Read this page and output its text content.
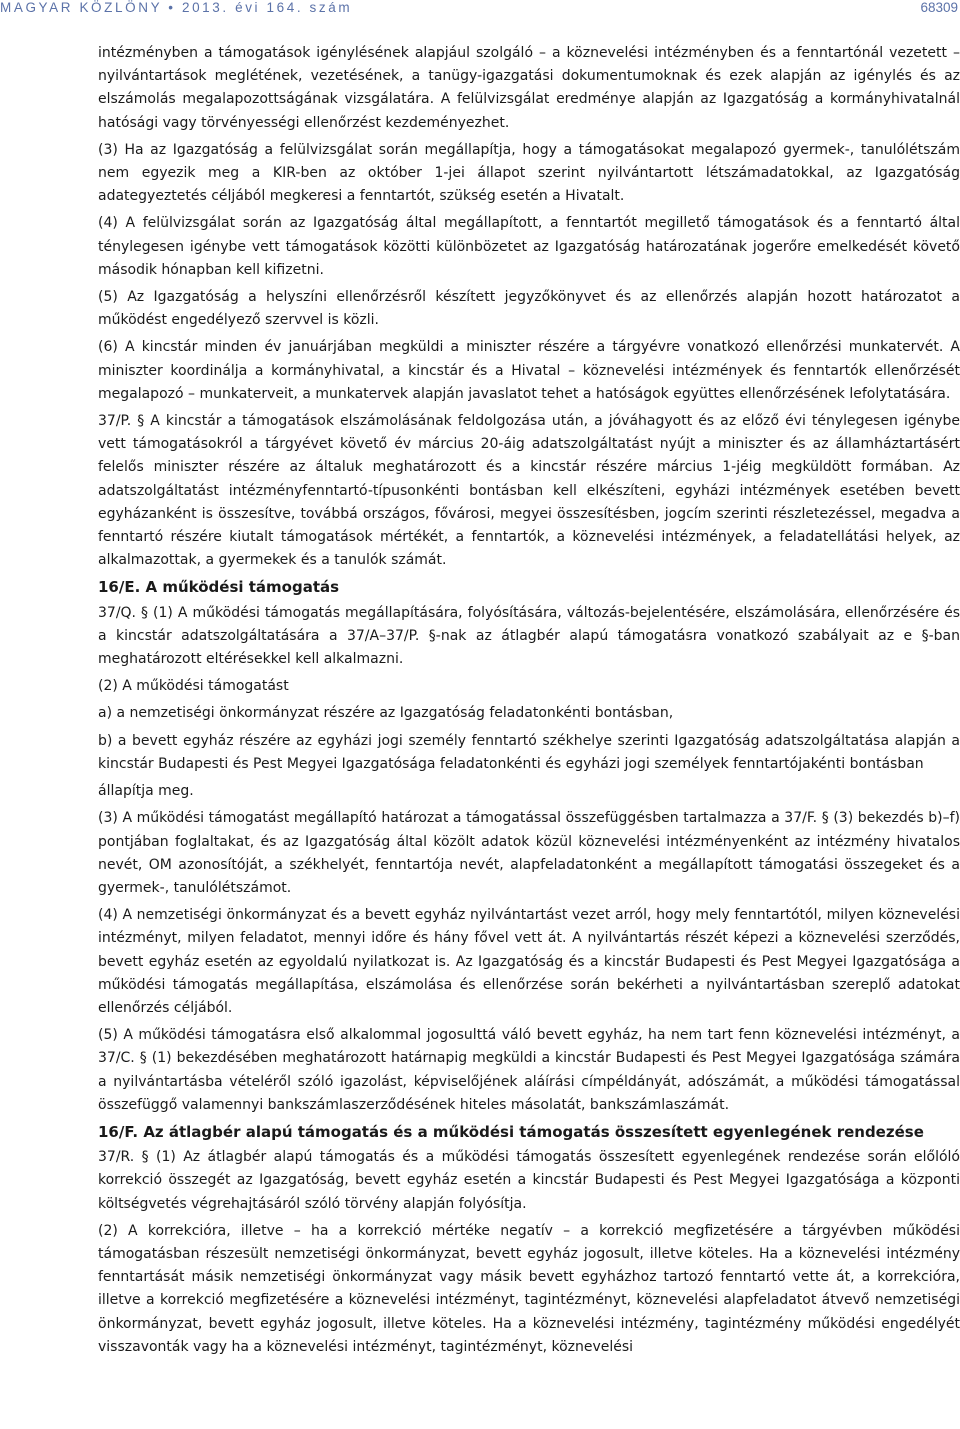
MAGYAR KÖZLÖNY • 2013. évi 164. szám	68309

intézményben a támogatások igénylésének alapjául szolgáló – a köznevelési intézményben és a fenntartónál vezetett – nyilvántartások meglétének, vezetésének, a tanügy-igazgatási dokumentumoknak és ezek alapján az igénylés és az elszámolás megalapozottságának vizsgálatára. A felülvizsgálat eredménye alapján az Igazgatóság a kormányhivatalnál hatósági vagy törvényességi ellenőrzést kezdeményezhet.

(3) Ha az Igazgatóság a felülvizsgálat során megállapítja, hogy a támogatásokat megalapozó gyermek-, tanulólétszám nem egyezik meg a KIR-ben az október 1-jei állapot szerint nyilvántartott létszámadatokkal, az Igazgatóság adategyeztetés céljából megkeresi a fenntartót, szükség esetén a Hivatalt.

(4) A felülvizsgálat során az Igazgatóság által megállapított, a fenntartót megillető támogatások és a fenntartó által ténylegesen igénybe vett támogatások közötti különbözetet az Igazgatóság határozatának jogerőre emelkedését követő második hónapban kell kifizetni.

(5) Az Igazgatóság a helyszíni ellenőrzésről készített jegyzőkönyvet és az ellenőrzés alapján hozott határozatot a működést engedélyező szervvel is közli.

(6) A kincstár minden év januárjában megküldi a miniszter részére a tárgyévre vonatkozó ellenőrzési munkatervét. A miniszter koordinálja a kormányhivatal, a kincstár és a Hivatal – köznevelési intézmények és fenntartók ellenőrzését megalapozó – munkaterveit, a munkatervek alapján javaslatot tehet a hatóságok együttes ellenőrzésének lefolytatására.

37/P. § A kincstár a támogatások elszámolásának feldolgozása után, a jóváhagyott és az előző évi ténylegesen igénybe vett támogatásokról a tárgyévet követő év március 20-áig adatszolgáltatást nyújt a miniszter és az államháztartásért felelős miniszter részére az általuk meghatározott és a kincstár részére március 1-jéig megküldött formában. Az adatszolgáltatást intézményfenntartó-típusonkénti bontásban kell elkészíteni, egyházi intézmények esetében bevett egyházanként is összesítve, továbbá országos, fővárosi, megyei összesítésben, jogcím szerinti részletezéssel, megadva a fenntartó részére kiutalt támogatások mértékét, a fenntartók, a köznevelési intézmények, a feladatellátási helyek, az alkalmazottak, a gyermekek és a tanulók számát.

16/E. A működési támogatás

37/Q. § (1) A működési támogatás megállapítására, folyósítására, változás-bejelentésére, elszámolására, ellenőrzésére és a kincstár adatszolgáltatására a 37/A–37/P. §-nak az átlagbér alapú támogatásra vonatkozó szabályait az e §-ban meghatározott eltérésekkel kell alkalmazni.

(2) A működési támogatást

a) a nemzetiségi önkormányzat részére az Igazgatóság feladatonkénti bontásban,

b) a bevett egyház részére az egyházi jogi személy fenntartó székhelye szerinti Igazgatóság adatszolgáltatása alapján a kincstár Budapesti és Pest Megyei Igazgatósága feladatonkénti és egyházi jogi személyek fenntartójakénti bontásban

állapítja meg.

(3) A működési támogatást megállapító határozat a támogatással összefüggésben tartalmazza a 37/F. § (3) bekezdés b)–f) pontjában foglaltakat, és az Igazgatóság által közölt adatok közül köznevelési intézményenként az intézmény hivatalos nevét, OM azonosítóját, a székhelyét, fenntartója nevét, alapfeladatonként a megállapított támogatási összegeket és a gyermek-, tanulólétszámot.

(4) A nemzetiségi önkormányzat és a bevett egyház nyilvántartást vezet arról, hogy mely fenntartótól, milyen köznevelési intézményt, milyen feladatot, mennyi időre és hány fővel vett át. A nyilvántartás részét képezi a köznevelési szerződés, bevett egyház esetén az egyoldalú nyilatkozat is. Az Igazgatóság és a kincstár Budapesti és Pest Megyei Igazgatósága a működési támogatás megállapítása, elszámolása és ellenőrzése során bekérheti a nyilvántartásban szereplő adatokat ellenőrzés céljából.

(5) A működési támogatásra első alkalommal jogosulttá váló bevett egyház, ha nem tart fenn köznevelési intézményt, a 37/C. § (1) bekezdésében meghatározott határnapig megküldi a kincstár Budapesti és Pest Megyei Igazgatósága számára a nyilvántartásba vételéről szóló igazolást, képviselőjének aláírási címpéldányát, adószámát, a működési támogatással összefüggő valamennyi bankszámlaszerződésének hiteles másolatát, bankszámlaszámát.

16/F. Az átlagbér alapú támogatás és a működési támogatás összesített egyenlegének rendezése

37/R. § (1) Az átlagbér alapú támogatás és a működési támogatás összesített egyenlegének rendezése során előlóló korrekció összegét az Igazgatóság, bevett egyház esetén a kincstár Budapesti és Pest Megyei Igazgatósága a központi költségvetés végrehajtásáról szóló törvény alapján folyósítja.

(2) A korrekcióra, illetve – ha a korrekció mértéke negatív – a korrekció megfizetésére a tárgyévben működési támogatásban részesült nemzetiségi önkormányzat, bevett egyház jogosult, illetve köteles. Ha a köznevelési intézmény fenntartását másik nemzetiségi önkormányzat vagy másik bevett egyházhoz tartozó fenntartó vette át, a korrekcióra, illetve a korrekció megfizetésére a köznevelési intézményt, tagintézményt, köznevelési alapfeladatot átvevő nemzetiségi önkormányzat, bevett egyház jogosult, illetve köteles. Ha a köznevelési intézmény, tagintézmény működési engedélyét visszavonták vagy ha a köznevelési intézményt, tagintézményt, köznevelési
